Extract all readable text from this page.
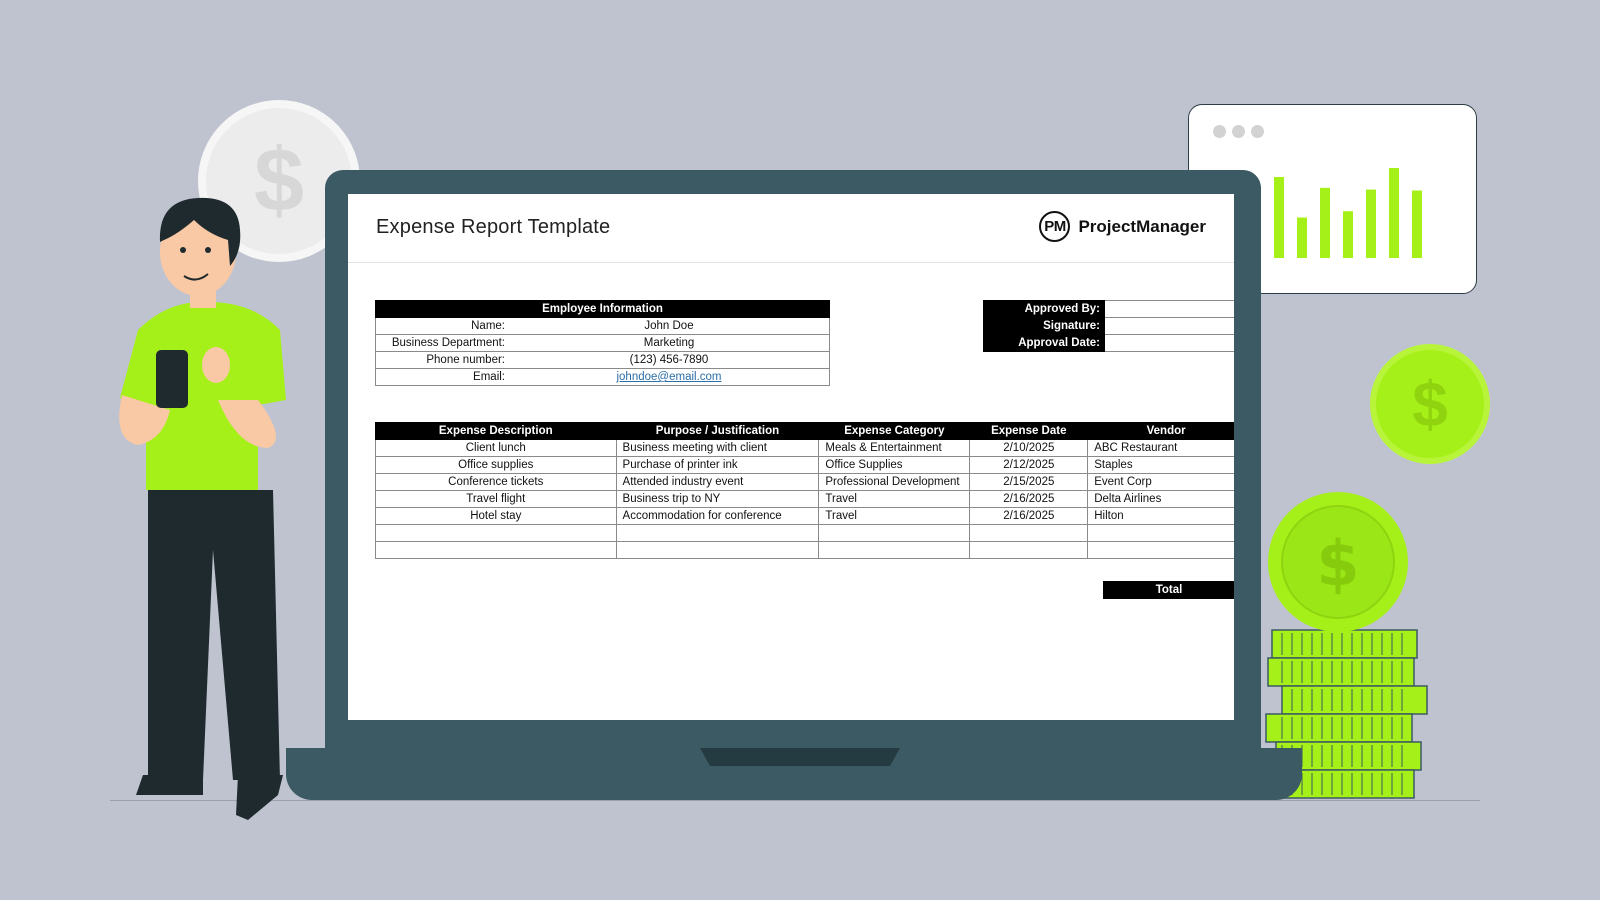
$
$
$
Expense Report Template	PM ProjectManager
Employee Information	
Name:	John Doe
Business Department:	Marketing
Phone number:	(123) 456-7890
Email:	johndoe@email.com
Approved By:	
Signature:	
Approval Date:	
Expense Description	Purpose / Justification	Expense Category	Expense Date	Vendor
Client lunch	Business meeting with client	Meals & Entertainment	2/10/2025	ABC Restaurant
Office supplies	Purchase of printer ink	Office Supplies	2/12/2025	Staples
Conference tickets	Attended industry event	Professional Development	2/15/2025	Event Corp
Travel flight	Business trip to NY	Travel	2/16/2025	Delta Airlines
Hotel stay	Accommodation for conference	Travel	2/16/2025	Hilton

Total
